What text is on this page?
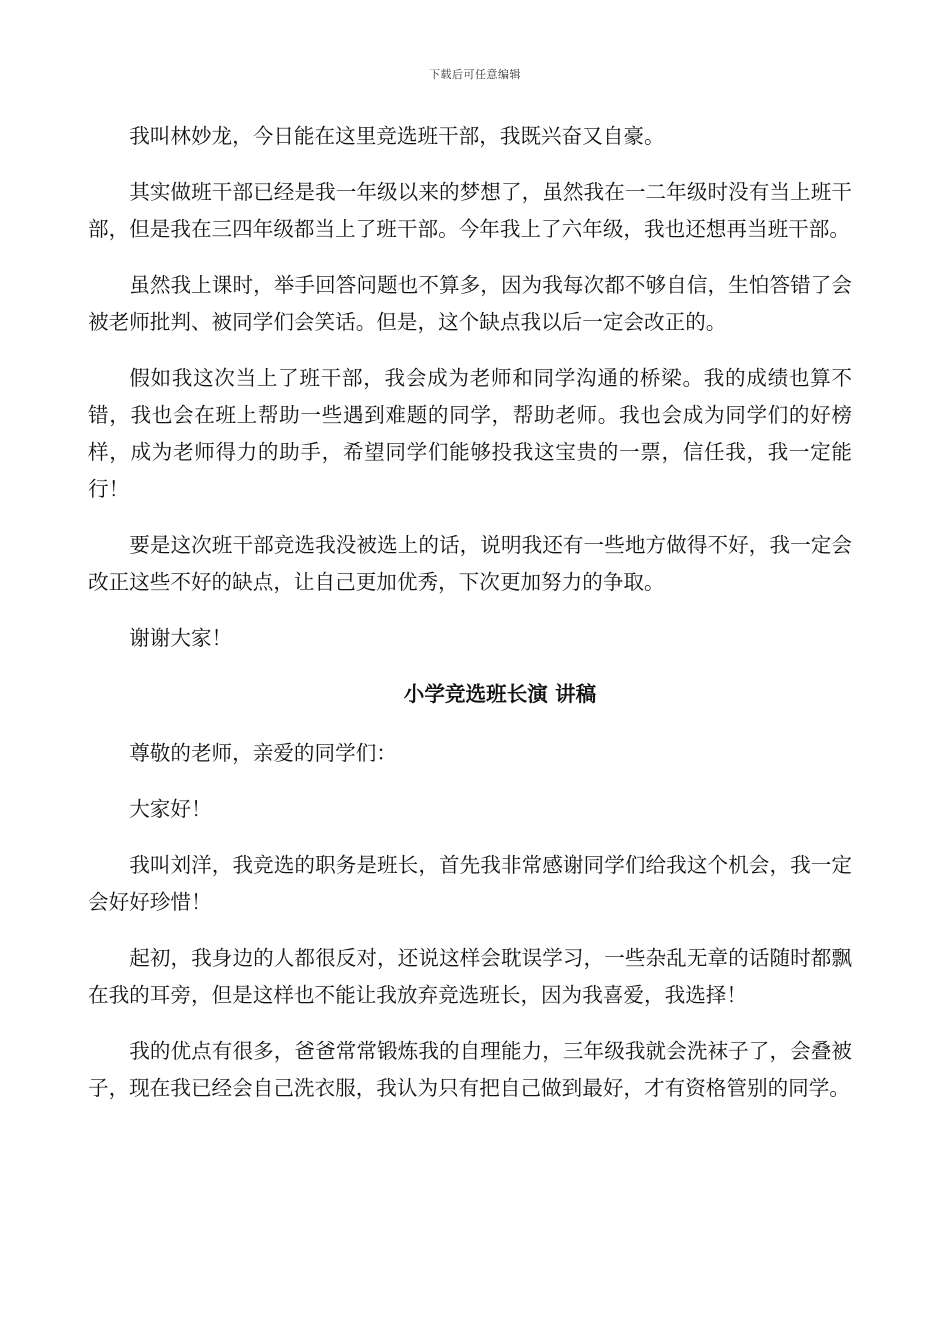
下载后可任意编辑

我叫林妙龙，今日能在这里竞选班干部，我既兴奋又自豪。

其实做班干部已经是我一年级以来的梦想了，虽然我在一二年级时没有当上班干部，但是我在三四年级都当上了班干部。今年我上了六年级，我也还想再当班干部。

虽然我上课时，举手回答问题也不算多，因为我每次都不够自信，生怕答错了会被老师批判、被同学们会笑话。但是，这个缺点我以后一定会改正的。

假如我这次当上了班干部，我会成为老师和同学沟通的桥梁。我的成绩也算不错，我也会在班上帮助一些遇到难题的同学，帮助老师。我也会成为同学们的好榜样，成为老师得力的助手，希望同学们能够投我这宝贵的一票，信任我，我一定能行！

要是这次班干部竞选我没被选上的话，说明我还有一些地方做得不好，我一定会改正这些不好的缺点，让自己更加优秀，下次更加努力的争取。

谢谢大家！

小学竞选班长演 讲稿

尊敬的老师，亲爱的同学们：

大家好！

我叫刘洋，我竞选的职务是班长，首先我非常感谢同学们给我这个机会，我一定会好好珍惜！

起初，我身边的人都很反对，还说这样会耽误学习，一些杂乱无章的话随时都飘在我的耳旁，但是这样也不能让我放弃竞选班长，因为我喜爱，我选择！

我的优点有很多，爸爸常常锻炼我的自理能力，三年级我就会洗袜子了，会叠被子，现在我已经会自己洗衣服，我认为只有把自己做到最好，才有资格管别的同学。
